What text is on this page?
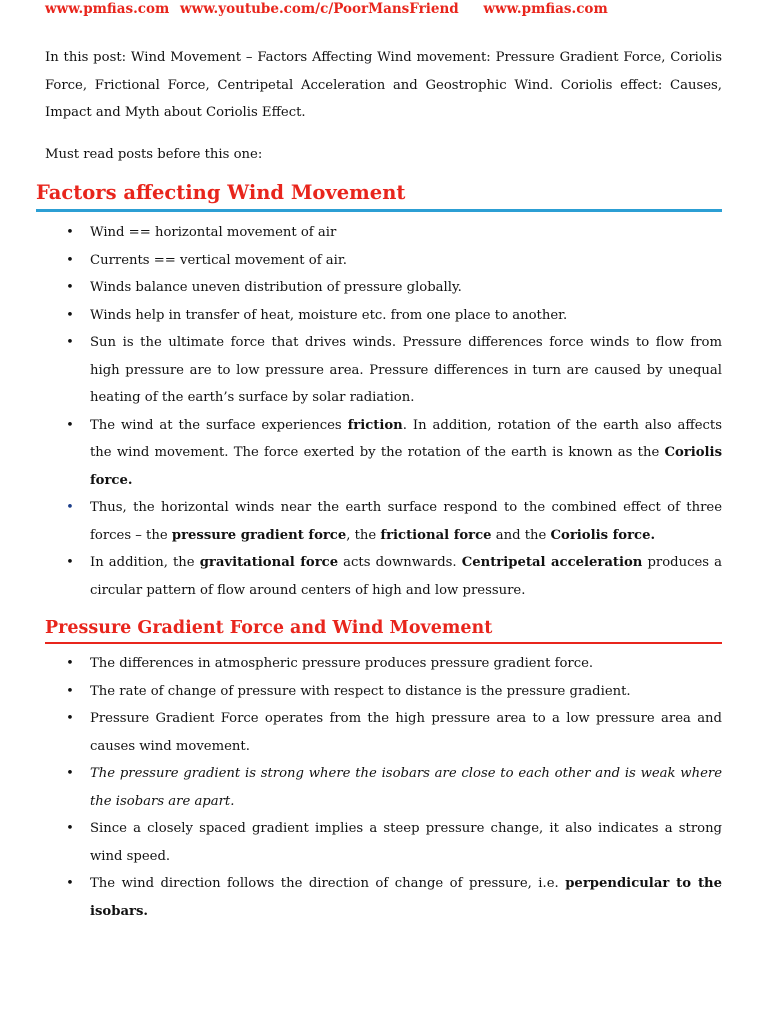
www.pmfias.com www.youtube.com/c/PoorMansFriend www.pmfias.com

In this post: Wind Movement – Factors Affecting Wind movement: Pressure Gradient Force, Coriolis Force, Frictional Force, Centripetal Acceleration and Geostrophic Wind. Coriolis effect: Causes, Impact and Myth about Coriolis Effect.

Must read posts before this one:

Factors affecting Wind Movement
• Wind == horizontal movement of air
• Currents == vertical movement of air.
• Winds balance uneven distribution of pressure globally.
• Winds help in transfer of heat, moisture etc. from one place to another.
• Sun is the ultimate force that drives winds. Pressure differences force winds to flow from high pressure are to low pressure area. Pressure differences in turn are caused by unequal heating of the earth’s surface by solar radiation.
• The wind at the surface experiences friction. In addition, rotation of the earth also affects the wind movement. The force exerted by the rotation of the earth is known as the Coriolis force.
• Thus, the horizontal winds near the earth surface respond to the combined effect of three forces – the pressure gradient force, the frictional force and the Coriolis force.
• In addition, the gravitational force acts downwards. Centripetal acceleration produces a circular pattern of flow around centers of high and low pressure.
Pressure Gradient Force and Wind Movement
• The differences in atmospheric pressure produces pressure gradient force.
• The rate of change of pressure with respect to distance is the pressure gradient.
• Pressure Gradient Force operates from the high pressure area to a low pressure area and causes wind movement.
• The pressure gradient is strong where the isobars are close to each other and is weak where the isobars are apart.
• Since a closely spaced gradient implies a steep pressure change, it also indicates a strong wind speed.
• The wind direction follows the direction of change of pressure, i.e. perpendicular to the isobars.
